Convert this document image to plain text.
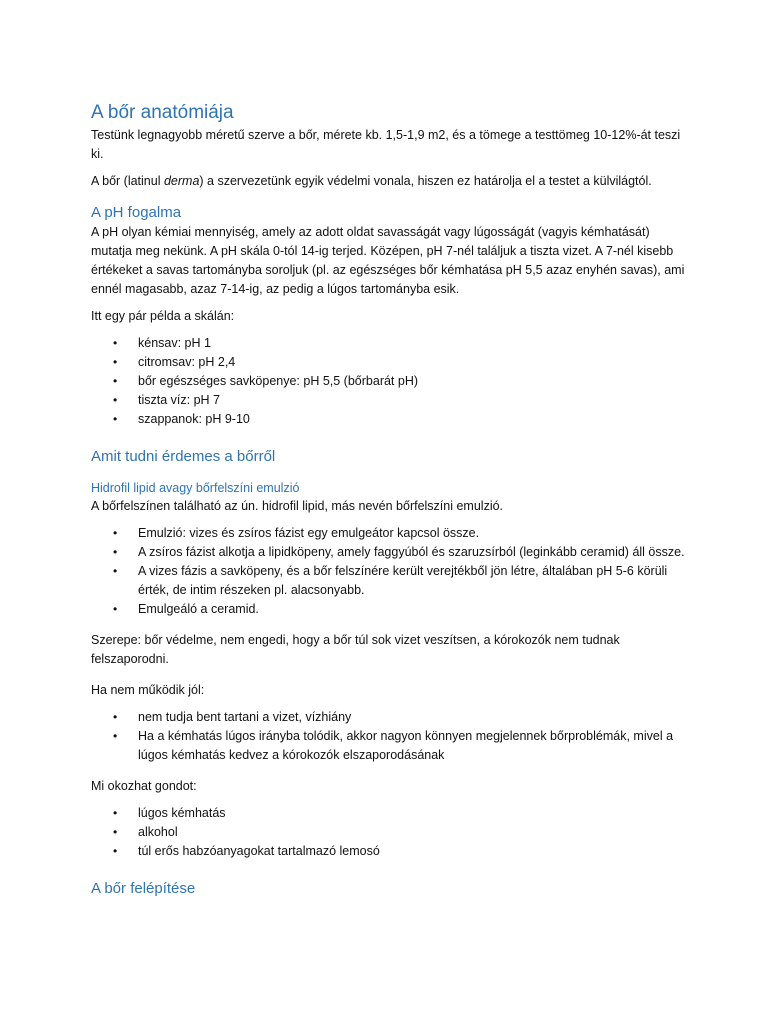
A bőr anatómiája

Testünk legnagyobb méretű szerve a bőr, mérete kb. 1,5-1,9 m2, és a tömege a testtömeg 10-12%-át teszi ki.

A bőr (latinul derma) a szervezetünk egyik védelmi vonala, hiszen ez határolja el a testet a külvilágtól.

A pH fogalma

A pH olyan kémiai mennyiség, amely az adott oldat savasságát vagy lúgosságát (vagyis kémhatását) mutatja meg nekünk. A pH skála 0-tól 14-ig terjed. Középen, pH 7-nél találjuk a tiszta vizet. A 7-nél kisebb értékeket a savas tartományba soroljuk (pl. az egészséges bőr kémhatása pH 5,5 azaz enyhén savas), ami ennél magasabb, azaz 7-14-ig, az pedig a lúgos tartományba esik.

Itt egy pár példa a skálán:

• kénsav: pH 1
• citromsav: pH 2,4
• bőr egészséges savköpenye: pH 5,5 (bőrbarát pH)
• tiszta víz: pH 7
• szappanok: pH 9-10
Amit tudni érdemes a bőrről
Hidrofil lipid avagy bőrfelszíni emulzió

A bőrfelszínen található az ún. hidrofil lipid, más nevén bőrfelszíni emulzió.

• Emulzió: vizes és zsíros fázist egy emulgeátor kapcsol össze.
• A zsíros fázist alkotja a lipidköpeny, amely faggyúból és szaruzsírból (leginkább ceramid) áll össze.
• A vizes fázis a savköpeny, és a bőr felszínére került verejtékből jön létre, általában pH 5-6 körüli érték, de intim részeken pl. alacsonyabb.
• Emulgeáló a ceramid.

Szerepe: bőr védelme, nem engedi, hogy a bőr túl sok vizet veszítsen, a kórokozók nem tudnak felszaporodni.

Ha nem működik jól:

• nem tudja bent tartani a vizet, vízhiány
• Ha a kémhatás lúgos irányba tolódik, akkor nagyon könnyen megjelennek bőrproblémák, mivel a lúgos kémhatás kedvez a kórokozók elszaporodásának

Mi okozhat gondot:

• lúgos kémhatás
• alkohol
• túl erős habzóanyagokat tartalmazó lemosó
A bőr felépítése
